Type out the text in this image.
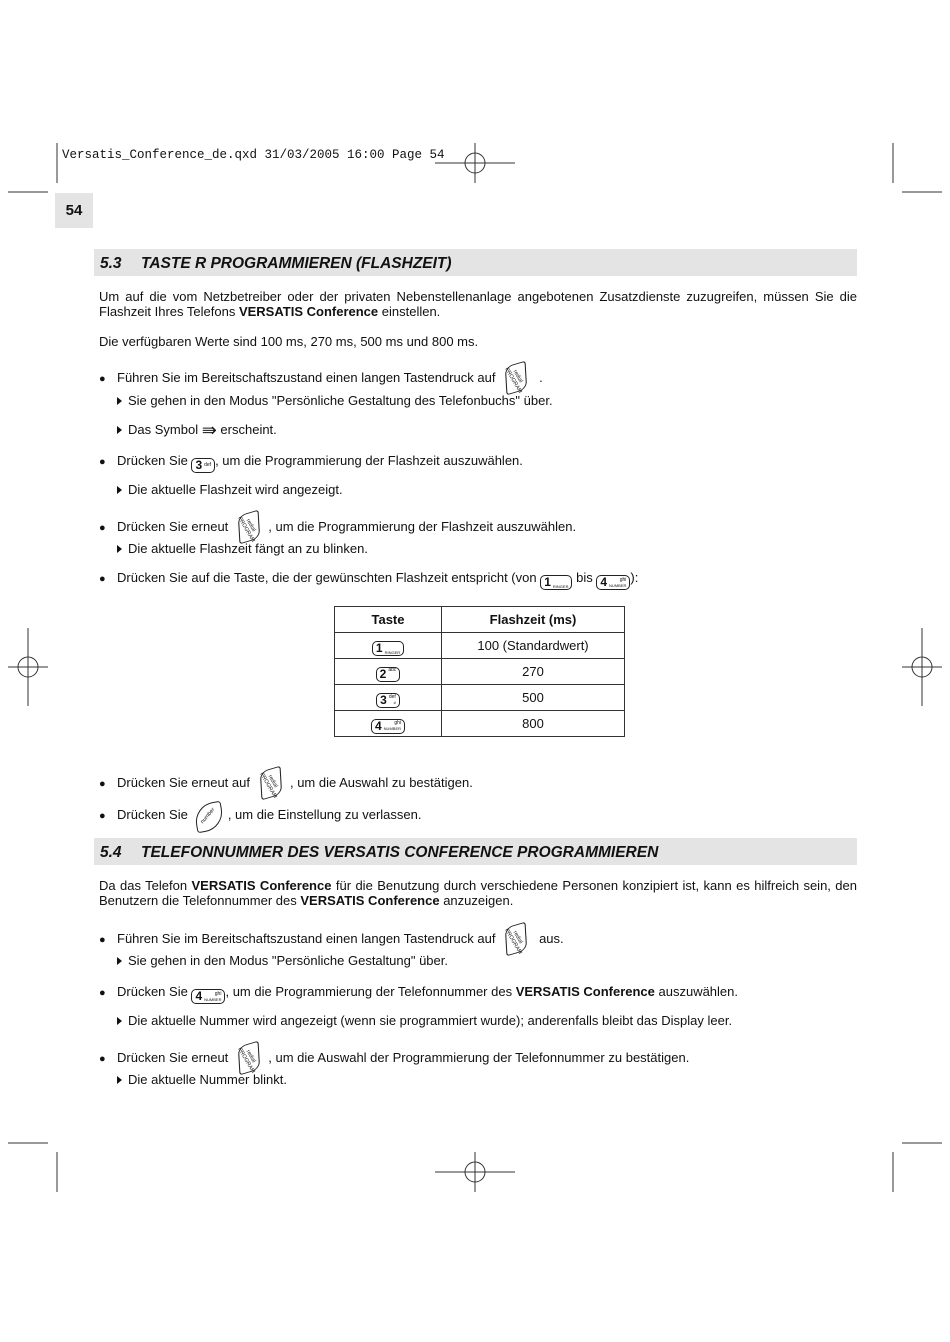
Versatis_Conference_de.qxd 31/03/2005 16:00 Page 54
54
5.3 TASTE R PROGRAMMIEREN (FLASHZEIT)
Um auf die vom Netzbetreiber oder der privaten Nebenstellenanlage angebotenen Zusatzdienste zuzugreifen, müssen Sie die Flashzeit Ihres Telefons VERSATIS Conference einstellen.
Die verfügbaren Werte sind 100 ms, 270 ms, 500 ms und 800 ms.
● Führen Sie im Bereitschaftszustand einen langen Tastendruck auf	redial PROGRAM	.
Sie gehen in den Modus "Persönliche Gestaltung des Telefonbuchs" über.
Das Symbol ⇛ erscheint.
● Drücken Sie 3 def , um die Programmierung der Flashzeit auszuwählen.
Die aktuelle Flashzeit wird angezeigt.
● Drücken Sie erneut	redial PROGRAM , um die Programmierung der Flashzeit auszuwählen.
Die aktuelle Flashzeit fängt an zu blinken.
● Drücken Sie auf die Taste, die der gewünschten Flashzeit entspricht (von 1 RINGER
bis 4	ghi
NUMBER ):
Taste	Flashzeit (ms)

1 RINGER	100 (Standardwert)

2 abc	270

3 def
#	500

4 ghi
NUMBER	800
● Drücken Sie erneut auf	redial PROGRAM , um die Auswahl zu bestätigen.
● Drücken Sie number , um die Einstellung zu verlassen.
5.4 TELEFONNUMMER DES VERSATIS CONFERENCE PROGRAMMIEREN
Da das Telefon VERSATIS Conference für die Benutzung durch verschiedene Personen konzipiert ist, kann es hilfreich sein, den Benutzern die Telefonnummer des VERSATIS Conference anzuzeigen.
● Führen Sie im Bereitschaftszustand einen langen Tastendruck auf	redial PROGRAM	aus.
Sie gehen in den Modus "Persönliche Gestaltung" über.
● Drücken Sie 4	ghi
NUMBER , um die Programmierung der Telefonnummer des VERSATIS Conference auszuwählen.
Die aktuelle Nummer wird angezeigt (wenn sie programmiert wurde); anderenfalls bleibt das Display leer.
● Drücken Sie erneut	redial PROGRAM , um die Auswahl der Programmierung der Telefonnummer zu bestätigen.
Die aktuelle Nummer blinkt.
